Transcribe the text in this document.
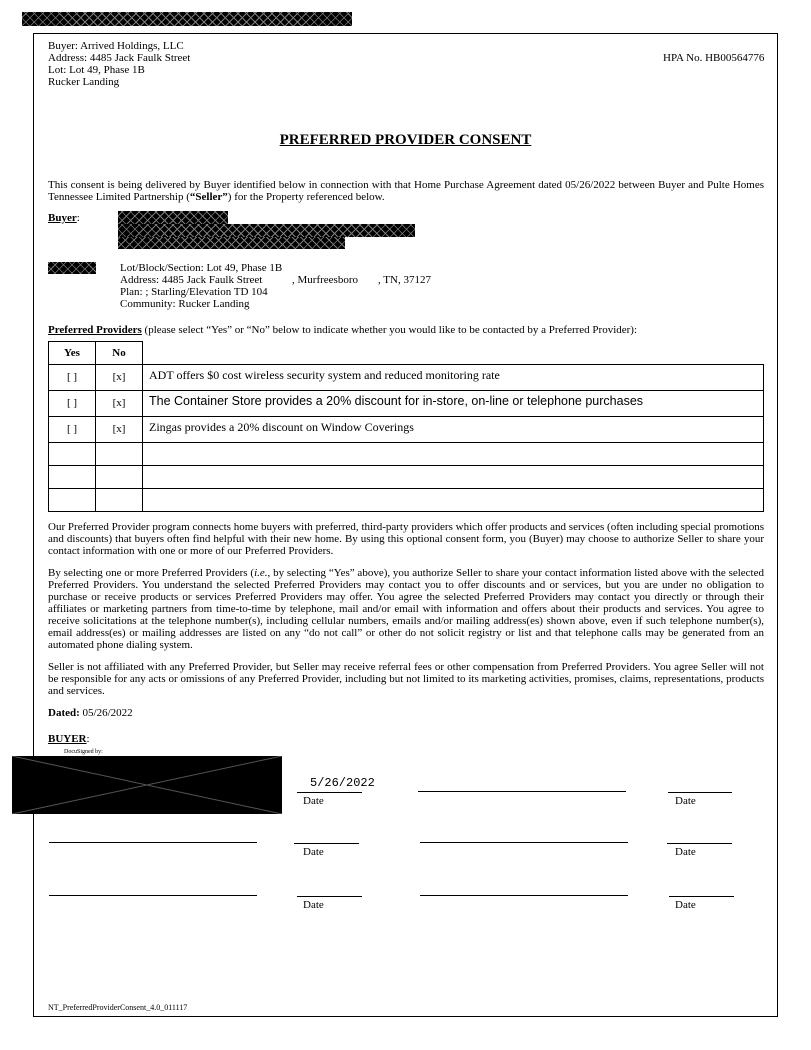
Buyer: Arrived Holdings, LLC
Address: 4485 Jack Faulk Street
Lot: Lot 49, Phase 1B
Rucker Landing
HPA No. HB00564776
PREFERRED PROVIDER CONSENT
This consent is being delivered by Buyer identified below in connection with that Home Purchase Agreement dated 05/26/2022 between Buyer and Pulte Homes Tennessee Limited Partnership (“Seller”) for the Property referenced below.
Buyer:
Lot/Block/Section: Lot 49, Phase 1B
Address: 4485 Jack Faulk Street	, Murfreesboro , TN, 37127
Plan: ; Starling/Elevation TD 104
Community: Rucker Landing
Preferred Providers (please select “Yes” or “No” below to indicate whether you would like to be contacted by a Preferred Provider):
Yes	No	
[ ]	[x]	ADT offers $0 cost wireless security system and reduced monitoring rate
[ ]	[x]	The Container Store provides a 20% discount for in-store, on-line or telephone purchases
[ ]	[x]	Zingas provides a 20% discount on Window Coverings

Our Preferred Provider program connects home buyers with preferred, third-party providers which offer products and services (often including special promotions and discounts) that buyers often find helpful with their new home. By using this optional consent form, you (Buyer) may choose to authorize Seller to share your contact information with one or more of our Preferred Providers.
By selecting one or more Preferred Providers (i.e., by selecting “Yes” above), you authorize Seller to share your contact information listed above with the selected Preferred Providers. You understand the selected Preferred Providers may contact you to offer discounts and or services, but you are under no obligation to purchase or receive products or services Preferred Providers may offer. You agree the selected Preferred Providers may contact you directly or through their affiliates or marketing partners from time-to-time by telephone, mail and/or email with information and offers about their products and services. You agree to receive solicitations at the telephone number(s), including cellular numbers, emails and/or mailing address(es) shown above, even if such telephone number(s), email address(es) or mailing addresses are listed on any “do not call” or other do not solicit registry or list and that telephone calls may be generated from an automated phone dialing system.
Seller is not affiliated with any Preferred Provider, but Seller may receive referral fees or other compensation from Preferred Providers. You agree Seller will not be responsible for any acts or omissions of any Preferred Provider, including but not limited to its marketing activities, promises, claims, representations, products and services.
Dated: 05/26/2022
BUYER:
DocuSigned by:
5/26/2022
Date	Date
Date	Date
Date	Date
NT_PreferredProviderConsent_4.0_011117
